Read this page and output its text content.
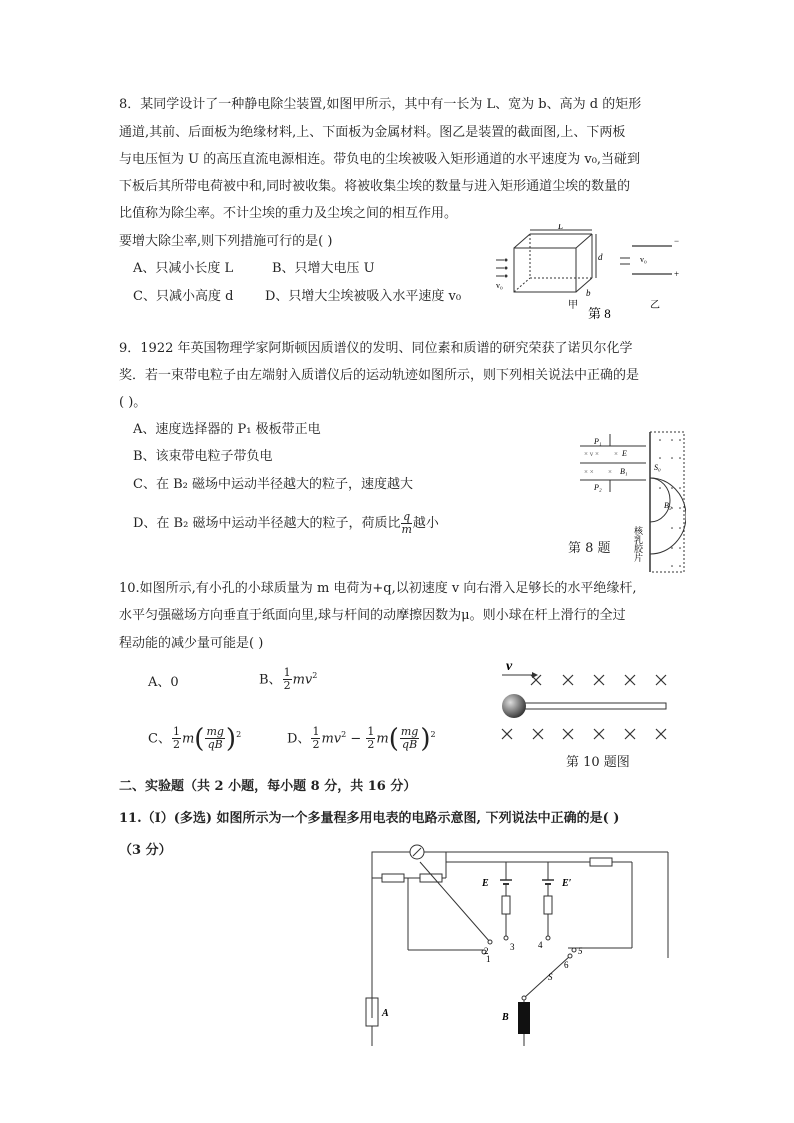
8．某同学设计了一种静电除尘装置,如图甲所示，其中有一长为 L、宽为 b、高为 d 的矩形
通道,其前、后面板为绝缘材料,上、下面板为金属材料。图乙是装置的截面图,上、下两板
与电压恒为 U 的高压直流电源相连。带负电的尘埃被吸入矩形通道的水平速度为 v₀,当碰到
下板后其所带电荷被中和,同时被收集。将被收集尘埃的数量与进入矩形通道尘埃的数量的
比值称为除尘率。不计尘埃的重力及尘埃之间的相互作用。
要增大除尘率,则下列措施可行的是( )
A、只减小长度 L	B、只增大电压 U
C、只减小高度 d D、只增大尘埃被吸入水平速度 v₀
L
d
b
v₀
甲
第 8
v₀
−
+
乙
9．1922 年英国物理学家阿斯顿因质谱仪的发明、同位素和质谱的研究荣获了诺贝尔化学
奖．若一束带电粒子由左端射入质谱仪后的运动轨迹如图所示，则下列相关说法中正确的是
( )。
A、速度选择器的 P₁ 极板带正电
B、该束带电粒子带负电
C、在 B₂ 磁场中运动半径越大的粒子，速度越大
D、在 B₂ 磁场中运动半径越大的粒子，荷质比 $\frac{q}{m}$ 越小
× v × ×
× × ×
P₁
P₂
E
B₁	S₀
B₂
核乳胶片
第 8 题
10.如图所示,有小孔的小球质量为 m 电荷为+q,以初速度 v 向右滑入足够长的水平绝缘杆,
水平匀强磁场方向垂直于纸面向里,球与杆间的动摩擦因数为μ。则小球在杆上滑行的全过
程动能的减少量可能是( )
A、0	B、 $\frac{1}{2} mv^2$
C、 $\frac{1}{2} m( \frac{mg}{qB} )^2$	D、 $\frac{1}{2} mv^2 - \frac{1}{2} m( \frac{mg}{qB} )^2$
v
第 10 题图
二、实验题（共 2 小题，每小题 8 分，共 16 分）
11.（Ⅰ）(多选) 如图所示为一个多量程多用电表的电路示意图, 下列说法中正确的是( )
（3 分）
E	E′
A	B
S
1
2 3	4
5
6
